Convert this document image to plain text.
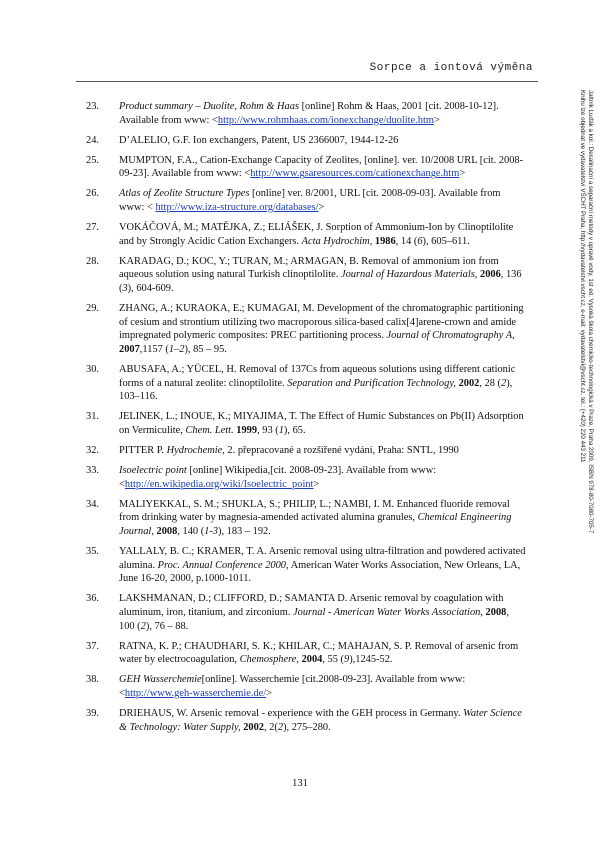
Sorpce a iontová výměna
23.	Product summary – Duolite, Rohm & Haas [online] Rohm & Haas, 2001 [cit. 2008-10-12]. Available from www: <http://www.rohmhaas.com/ionexchange/duolite.htm>
24.	D’ALELIO, G.F. Ion exchangers, Patent, US 2366007, 1944-12-26
25.	MUMPTON, F.A., Cation-Exchange Capacity of Zeolites, [online]. ver. 10/2008 URL [cit. 2008-09-23]. Available from www: <http://www.gsaresources.com/cationexchange.htm>
26.	Atlas of Zeolite Structure Types [online] ver. 8/2001, URL [cit. 2008-09-03]. Available from www: < http://www.iza-structure.org/databases/>
27.	VOKÁČOVÁ, M.; MATĚJKA, Z.; ELIÁŠEK, J. Sorption of Ammonium-Ion by Clinoptilolite and by Strongly Acidic Cation Exchangers. Acta Hydrochim, 1986, 14 (6), 605–611.
28.	KARADAG, D.; KOC, Y.; TURAN, M.; ARMAGAN, B. Removal of ammonium ion from aqueous solution using natural Turkish clinoptilolite. Journal of Hazardous Materials, 2006, 136 (3), 604-609.
29.	ZHANG, A.; KURAOKA, E.; KUMAGAI, M. Development of the chromatographic partitioning of cesium and strontium utilizing two macroporous silica-based calix[4]arene-crown and amide impregnated polymeric composites: PREC partitioning process. Journal of Chromatography A, 2007,1157 (1–2), 85 – 95.
30.	ABUSAFA, A.; YÜCEL, H. Removal of 137Cs from aqueous solutions using different cationic forms of a natural zeolite: clinoptilolite. Separation and Purification Technology, 2002, 28 (2), 103–116.
31.	JELINEK, L.; INOUE, K.; MIYAJIMA, T. The Effect of Humic Substances on Pb(II) Adsorption on Vermiculite, Chem. Lett. 1999, 93 (1), 65.
32.	PITTER P. Hydrochemie, 2. přepracované a rozšířené vydání, Praha: SNTL, 1990
33.	Isoelectric point [online] Wikipedia,[cit. 2008-09-23]. Available from www: <http://en.wikipedia.org/wiki/Isoelectric_point>
34.	MALIYEKKAL, S. M.; SHUKLA, S.; PHILIP, L.; NAMBI, I. M. Enhanced fluoride removal from drinking water by magnesia-amended activated alumina granules, Chemical Engineering Journal, 2008, 140 (1-3), 183 – 192.
35.	YALLALY, B. C.; KRAMER, T. A. Arsenic removal using ultra-filtration and powdered activated alumina. Proc. Annual Conference 2000, American Water Works Association, New Orleans, LA, June 16-20, 2000, p.1000-1011.
36.	LAKSHMANAN, D.; CLIFFORD, D.; SAMANTA D. Arsenic removal by coagulation with aluminum, iron, titanium, and zirconium. Journal - American Water Works Association, 2008, 100 (2), 76 – 88.
37.	RATNA, K. P.; CHAUDHARI, S. K.; KHILAR, C.; MAHAJAN, S. P. Removal of arsenic from water by electrocoagulation, Chemosphere, 2004, 55 (9),1245-52.
38.	GEH Wasserchemie[online]. Wasserchemie [cit.2008-09-23]. Available from www: <http://www.geh-wasserchemie.de/>
39.	DRIEHAUS, W. Arsenic removal - experience with the GEH process in Germany. Water Science & Technology: Water Supply, 2002, 2(2), 275–280.
131
Jaltník Luďák a kol.: Desalinační a separační metody v úpravě vody, 1st ed. Vysoká škola chemicko-technologická v Praze, Praha 2009, ISBN 978-80-7080-705-7
Knihu lze objednat ve vydavatelství VŠCHT Praha, http://vydavatelstvi.vscht.cz, e-mail: vydavatelstvi@vscht.cz, tel.: (+420) 220 443 211
